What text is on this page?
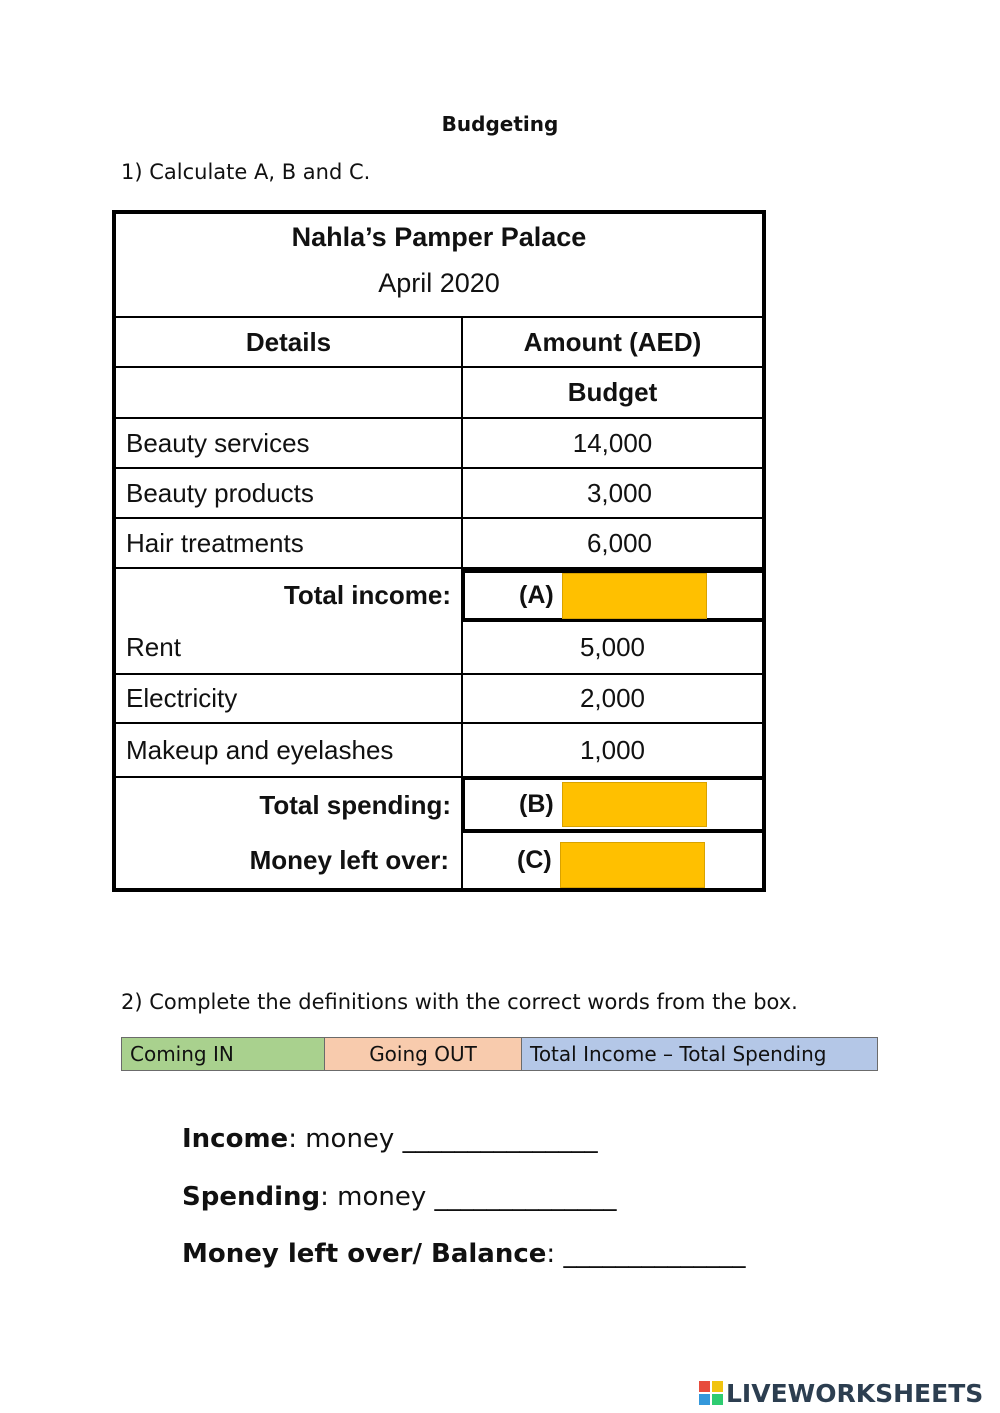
Budgeting
1) Calculate A, B and C.
Nahla’s Pamper Palace
April 2020
Details	Amount (AED)
Budget
Beauty services	14,000
Beauty products	3,000
Hair treatments	6,000
Total income:	(A)
Rent	5,000
Electricity	2,000
Makeup and eyelashes	1,000
Total spending:	(B)
Money left over:	(C)
2) Complete the definitions with the correct words from the box.
Coming IN	Going OUT	Total Income – Total Spending
Income: money _______________
Spending: money ______________
Money left over/ Balance: ______________
LIVEWORKSHEETS
